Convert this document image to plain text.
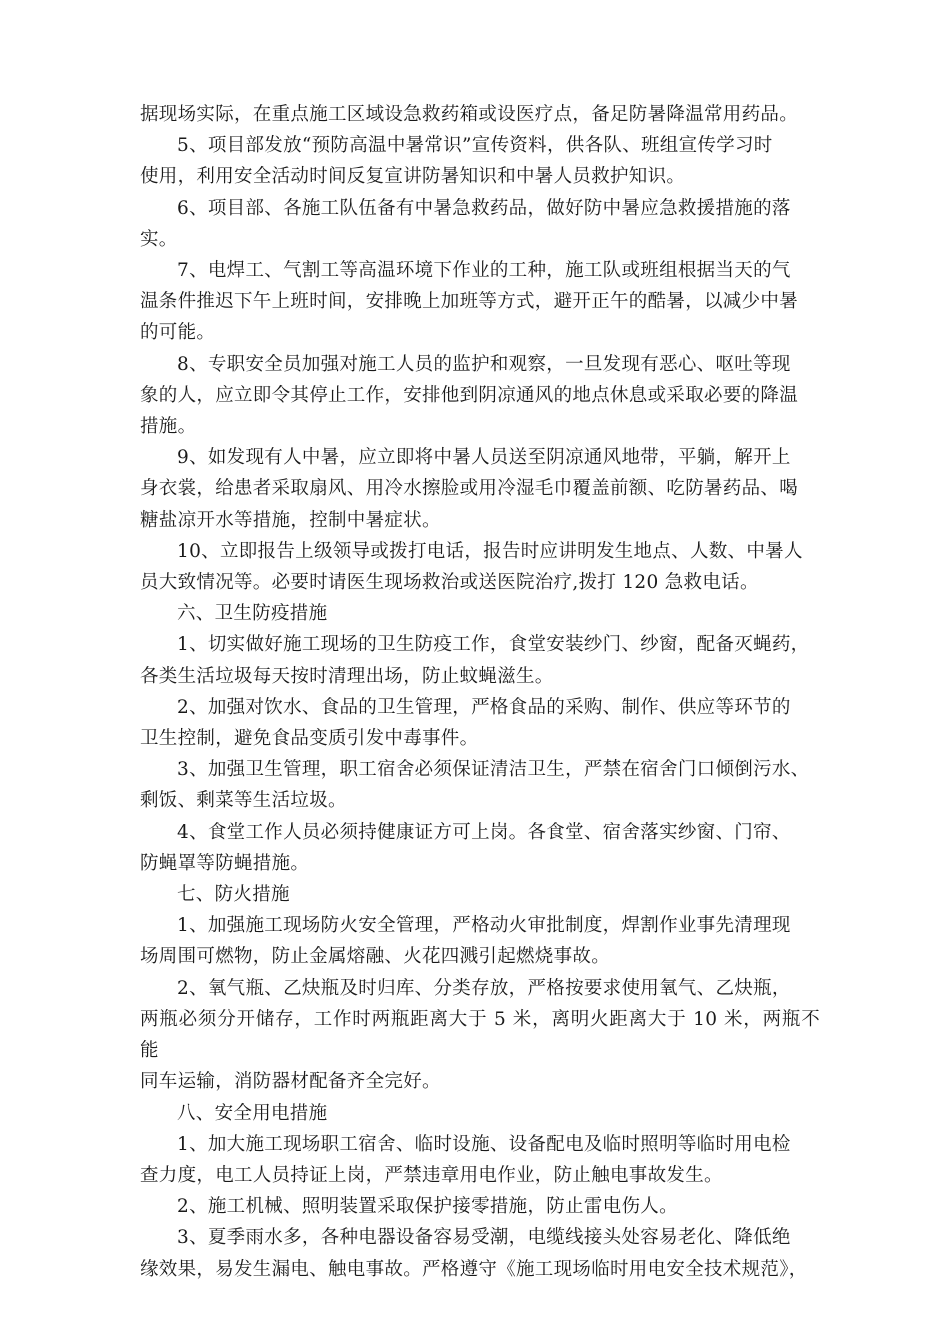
据现场实际，在重点施工区域设急救药箱或设医疗点，备足防暑降温常用药品。
5、项目部发放“预防高温中暑常识”宣传资料，供各队、班组宣传学习时
使用，利用安全活动时间反复宣讲防暑知识和中暑人员救护知识。
6、项目部、各施工队伍备有中暑急救药品，做好防中暑应急救援措施的落
实。
7、电焊工、气割工等高温环境下作业的工种，施工队或班组根据当天的气
温条件推迟下午上班时间，安排晚上加班等方式，避开正午的酷暑，以减少中暑
的可能。
8、专职安全员加强对施工人员的监护和观察，一旦发现有恶心、呕吐等现
象的人，应立即令其停止工作，安排他到阴凉通风的地点休息或采取必要的降温
措施。
9、如发现有人中暑，应立即将中暑人员送至阴凉通风地带，平躺，解开上
身衣裳，给患者采取扇风、用冷水擦脸或用冷湿毛巾覆盖前额、吃防暑药品、喝
糖盐凉开水等措施，控制中暑症状。
10、立即报告上级领导或拨打电话，报告时应讲明发生地点、人数、中暑人
员大致情况等。必要时请医生现场救治或送医院治疗,拨打 120 急救电话。
六、卫生防疫措施
1、切实做好施工现场的卫生防疫工作，食堂安装纱门、纱窗，配备灭蝇药，
各类生活垃圾每天按时清理出场，防止蚊蝇滋生。
2、加强对饮水、食品的卫生管理，严格食品的采购、制作、供应等环节的
卫生控制，避免食品变质引发中毒事件。
3、加强卫生管理，职工宿舍必须保证清洁卫生，严禁在宿舍门口倾倒污水、
剩饭、剩菜等生活垃圾。
4、食堂工作人员必须持健康证方可上岗。各食堂、宿舍落实纱窗、门帘、
防蝇罩等防蝇措施。
七、防火措施
1、加强施工现场防火安全管理，严格动火审批制度，焊割作业事先清理现
场周围可燃物，防止金属熔融、火花四溅引起燃烧事故。
2、氧气瓶、乙炔瓶及时归库、分类存放，严格按要求使用氧气、乙炔瓶，
两瓶必须分开储存，工作时两瓶距离大于 5 米，离明火距离大于 10 米，两瓶不能
同车运输，消防器材配备齐全完好。
八、安全用电措施
1、加大施工现场职工宿舍、临时设施、设备配电及临时照明等临时用电检
查力度，电工人员持证上岗，严禁违章用电作业，防止触电事故发生。
2、施工机械、照明装置采取保护接零措施，防止雷电伤人。
3、夏季雨水多，各种电器设备容易受潮，电缆线接头处容易老化、降低绝
缘效果，易发生漏电、触电事故。严格遵守《施工现场临时用电安全技术规范》，
